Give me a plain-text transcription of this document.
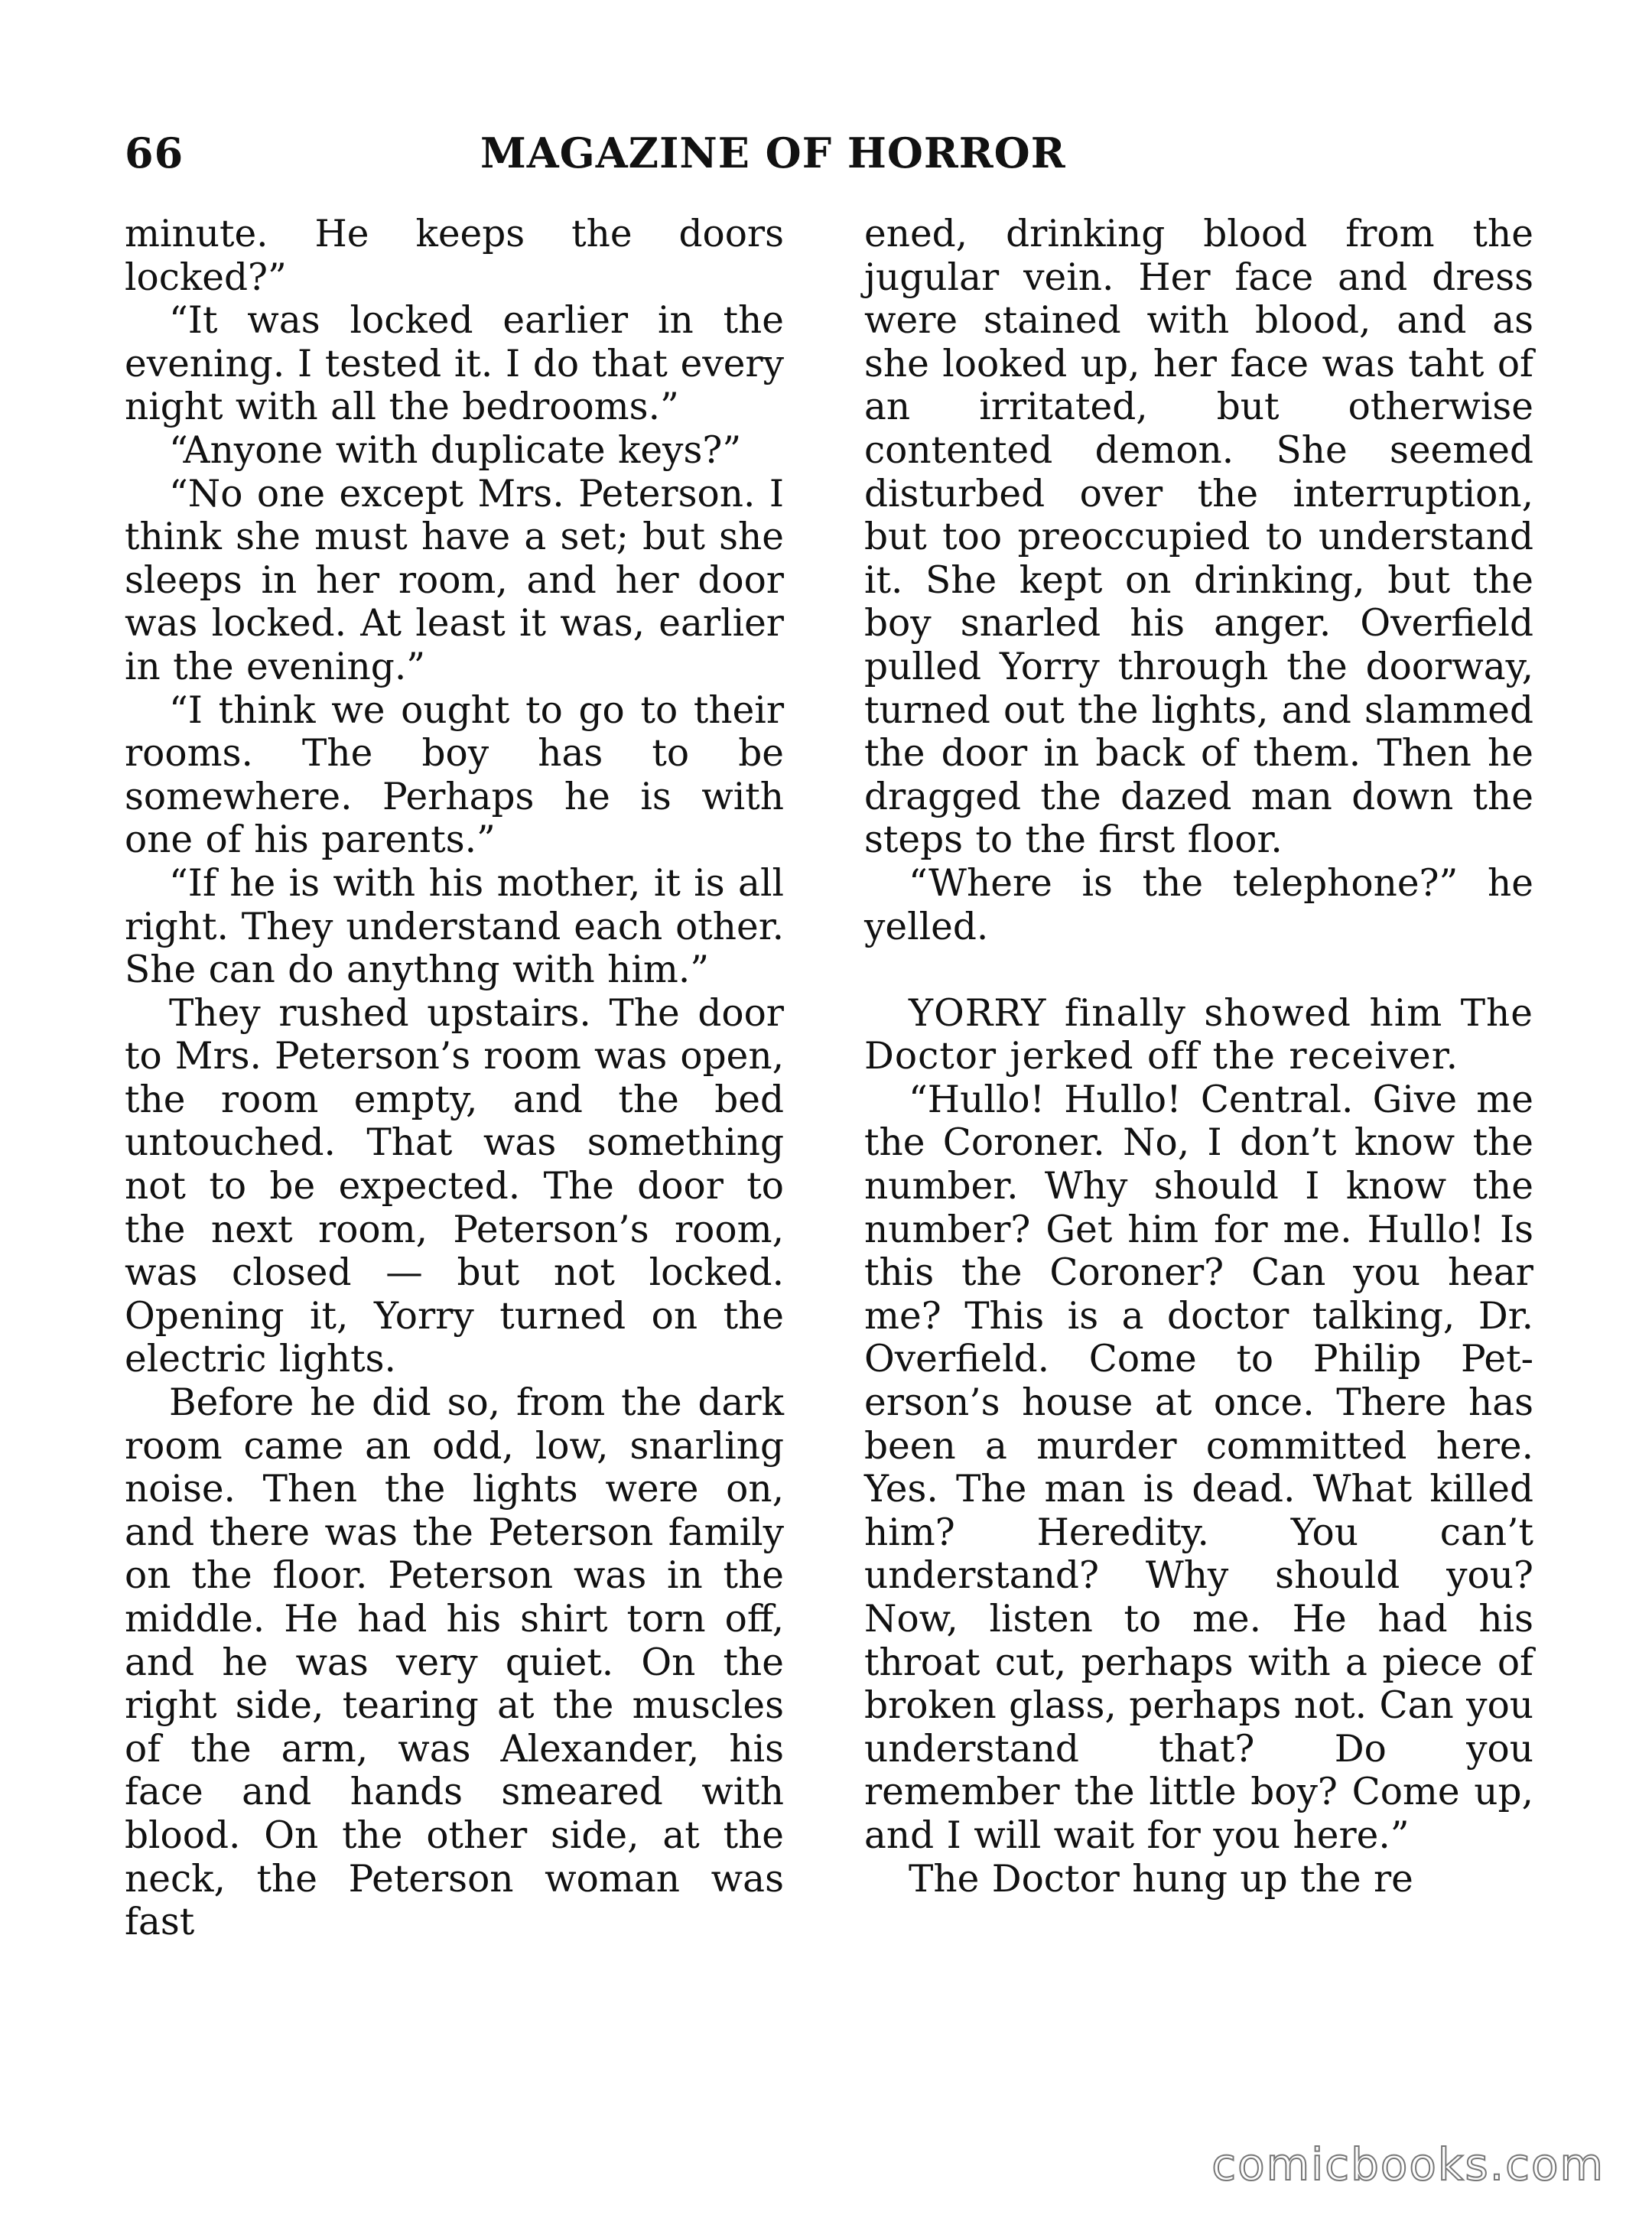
66	MAGAZINE OF HORROR

minute. He keeps the doors locked?”

“It was locked earlier in the evening. I tested it. I do that every night with all the bedrooms.”

“Anyone with duplicate keys?”

“No one except Mrs. Peterson. I think she must have a set; but she sleeps in her room, and her door was locked. At least it was, earlier in the evening.”

“I think we ought to go to their rooms. The boy has to be somewhere. Perhaps he is with one of his parents.”

“If he is with his mother, it is all right. They understand each other. She can do anythng with him.”

They rushed upstairs. The door to Mrs. Peterson’s room was open, the room empty, and the bed untouched. That was something not to be expected. The door to the next room, Peterson’s room, was closed — but not locked. Opening it, Yorry turned on the electric lights.

Before he did so, from the dark room came an odd, low, snarling noise. Then the lights were on, and there was the Peterson family on the floor. Peterson was in the middle. He had his shirt torn off, and he was very quiet. On the right side, tearing at the muscles of the arm, was Alexander, his face and hands smeared with blood. On the other side, at the neck, the Peterson woman was fast

ened, drinking blood from the jugular vein. Her face and dress were stained with blood, and as she looked up, her face was taht of an irritated, but otherwise contented demon. She seemed disturbed over the interruption, but too preoccupied to understand it. She kept on drinking, but the boy snarled his anger. Overfield pulled Yorry through the doorway, turned out the lights, and slammed the door in back of them. Then he dragged the dazed man down the steps to the first floor.

“Where is the telephone?” he yelled.

YORRY finally showed him The Doctor jerked off the receiver.

“Hullo! Hullo! Central. Give me the Coroner. No, I don’t know the number. Why should I know the number? Get him for me. Hullo! Is this the Coroner? Can you hear me? This is a doctor talking, Dr. Overfield. Come to Philip Peterson’s house at once. There has been a murder committed here. Yes. The man is dead. What killed him? Heredity. You can’t understand? Why should you? Now, listen to me. He had his throat cut, perhaps with a piece of broken glass, perhaps not. Can you understand that? Do you remember the little boy? Come up, and I will wait for you here.”

The Doctor hung up the re

comicbooks.com
